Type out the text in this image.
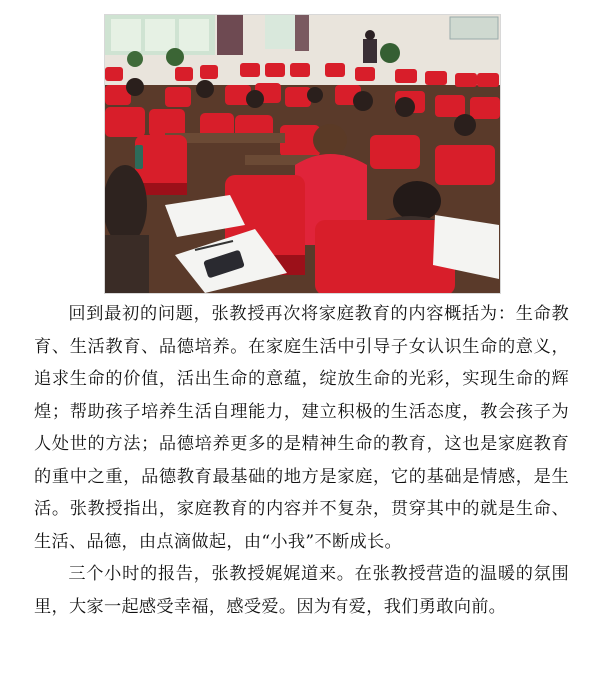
回到最初的问题，张教授再次将家庭教育的内容概括为：生命教育、生活教育、品德培养。在家庭生活中引导子女认识生命的意义，追求生命的价值，活出生命的意蕴，绽放生命的光彩，实现生命的辉煌；帮助孩子培养生活自理能力，建立积极的生活态度，教会孩子为人处世的方法；品德培养更多的是精神生命的教育，这也是家庭教育的重中之重，品德教育最基础的地方是家庭，它的基础是情感，是生活。张教授指出，家庭教育的内容并不复杂，贯穿其中的就是生命、生活、品德，由点滴做起，由“小我”不断成长。

三个小时的报告，张教授娓娓道来。在张教授营造的温暖的氛围里，大家一起感受幸福，感受爱。因为有爱，我们勇敢向前。
